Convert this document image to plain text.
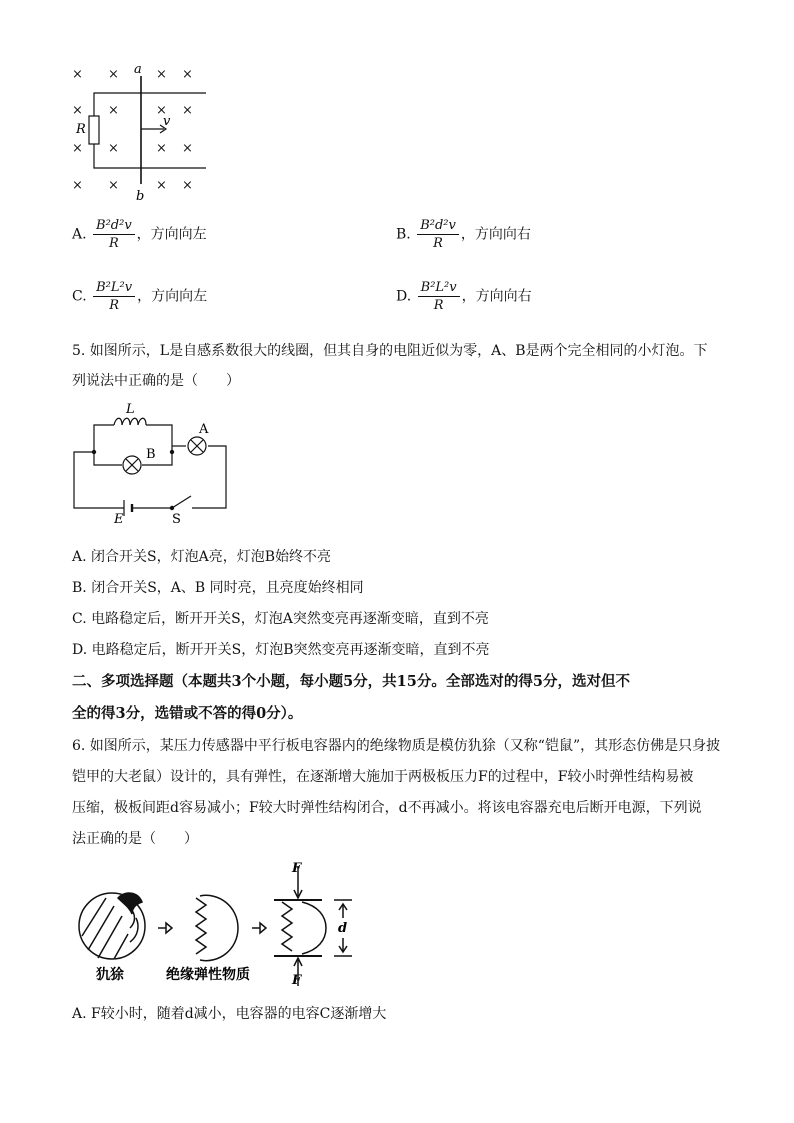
× ×	× ×
× ×	× ×
× ×	× ×
× ×	× ×
a
b
R
v
A. $\frac{\text{B²d²v}}{R}$ ，方向向左	B. $\frac{\text{B²d²v}}{R}$ ，方向向右
C. $\frac{\text{B²L²v}}{R}$ ，方向向左	D. $\frac{\text{B²L²v}}{R}$ ，方向向右
5. 如图所示，L是自感系数很大的线圈，但其自身的电阻近似为零，A、B是两个完全相同的小灯泡。下
列说法中正确的是（　　）
L
A
B
E	S
A. 闭合开关S，灯泡A亮，灯泡B始终不亮
B. 闭合开关S，A、B 同时亮，且亮度始终相同
C. 电路稳定后，断开开关S，灯泡A突然变亮再逐渐变暗，直到不亮
D. 电路稳定后，断开开关S，灯泡B突然变亮再逐渐变暗，直到不亮
二、多项选择题（本题共3个小题，每小题5分，共15分。全部选对的得5分，选对但不
全的得3分，选错或不答的得0分）。
6. 如图所示，某压力传感器中平行板电容器内的绝缘物质是模仿犰狳（又称“铠鼠”，其形态仿佛是只身披
铠甲的大老鼠）设计的，具有弹性，在逐渐增大施加于两极板压力F的过程中，F较小时弹性结构易被
压缩，极板间距d容易减小；F较大时弹性结构闭合，d不再减小。将该电容器充电后断开电源，下列说
法正确的是（　　）
F
F
d
犰狳	绝缘弹性物质
A. F较小时，随着d减小，电容器的电容C逐渐增大
